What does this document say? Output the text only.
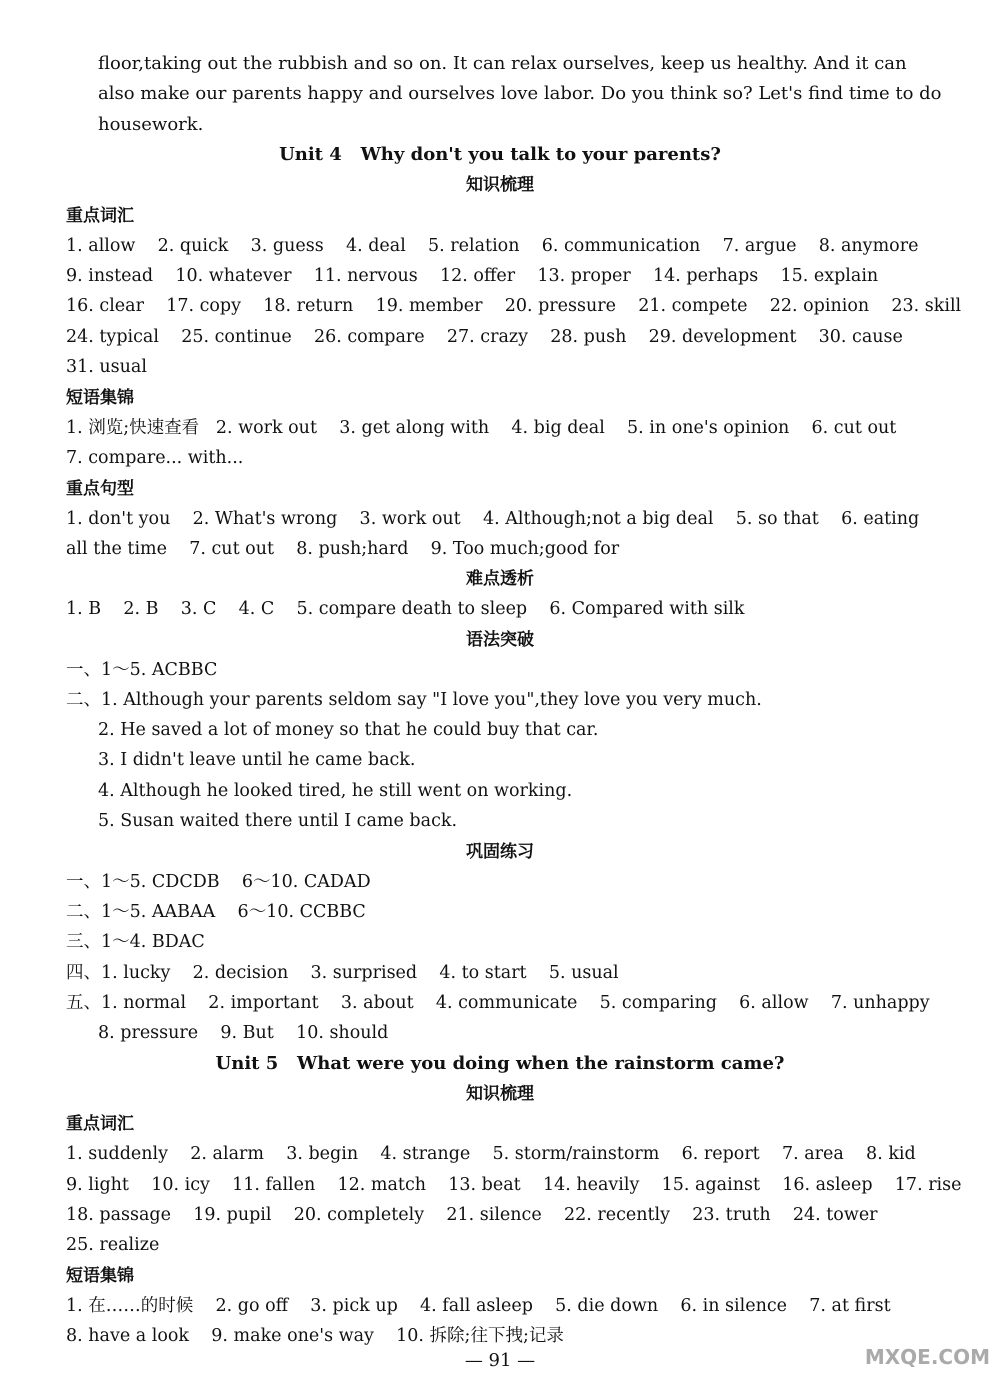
floor,taking out the rubbish and so on. It can relax ourselves, keep us healthy. And it can
also make our parents happy and ourselves love labor. Do you think so? Let's find time to do
housework.
Unit 4   Why don't you talk to your parents?
知识梳理
重点词汇
1. allow    2. quick    3. guess    4. deal    5. relation    6. communication    7. argue    8. anymore
9. instead    10. whatever    11. nervous    12. offer    13. proper    14. perhaps    15. explain
16. clear    17. copy    18. return    19. member    20. pressure    21. compete    22. opinion    23. skill
24. typical    25. continue    26. compare    27. crazy    28. push    29. development    30. cause
31. usual
短语集锦
1. 浏览;快速查看   2. work out    3. get along with    4. big deal    5. in one's opinion    6. cut out
7. compare... with...
重点句型
1. don't you    2. What's wrong    3. work out    4. Although;not a big deal    5. so that    6. eating
all the time    7. cut out    8. push;hard    9. Too much;good for
难点透析
1. B    2. B    3. C    4. C    5. compare death to sleep    6. Compared with silk
语法突破
一、1～5. ACBBC
二、1. Although your parents seldom say "I love you",they love you very much.
2. He saved a lot of money so that he could buy that car.
3. I didn't leave until he came back.
4. Although he looked tired, he still went on working.
5. Susan waited there until I came back.
巩固练习
一、1～5. CDCDB    6～10. CADAD
二、1～5. AABAA    6～10. CCBBC
三、1～4. BDAC
四、1. lucky    2. decision    3. surprised    4. to start    5. usual
五、1. normal    2. important    3. about    4. communicate    5. comparing    6. allow    7. unhappy
8. pressure    9. But    10. should
Unit 5   What were you doing when the rainstorm came?
知识梳理
重点词汇
1. suddenly    2. alarm    3. begin    4. strange    5. storm/rainstorm    6. report    7. area    8. kid
9. light    10. icy    11. fallen    12. match    13. beat    14. heavily    15. against    16. asleep    17. rise
18. passage    19. pupil    20. completely    21. silence    22. recently    23. truth    24. tower
25. realize
短语集锦
1. 在……的时候    2. go off    3. pick up    4. fall asleep    5. die down    6. in silence    7. at first
8. have a look    9. make one's way    10. 拆除;往下拽;记录
— 91 —	MXQE.COM
